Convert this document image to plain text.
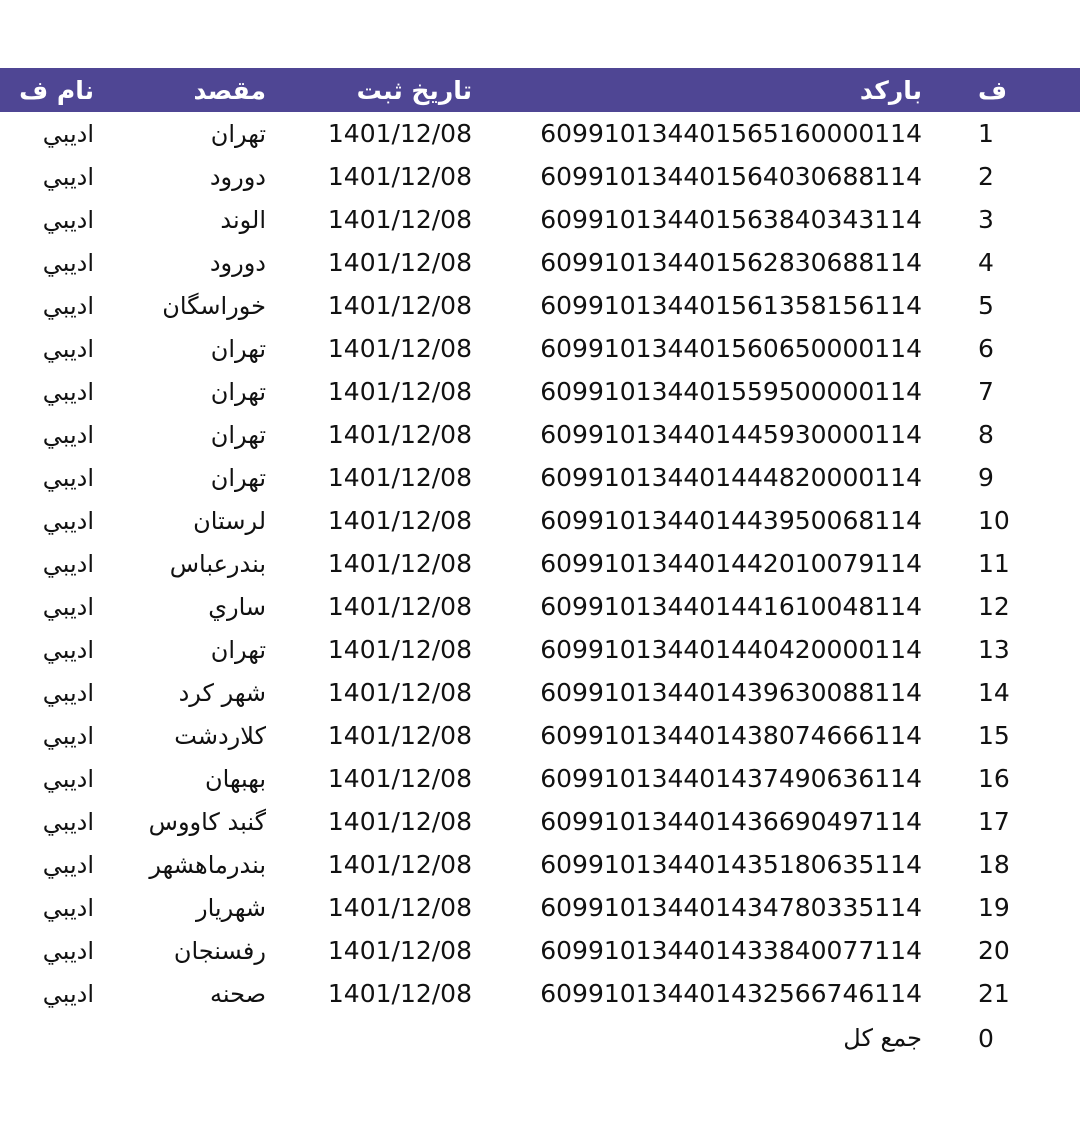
ف	بارکد	تاریخ ثبت	مقصد	نام ف	
1	609910134401565160000114	1401/12/08	تهران	ادیبي	
2	609910134401564030688114	1401/12/08	دورود	ادیبي	
3	609910134401563840343114	1401/12/08	الوند	ادیبي	
4	609910134401562830688114	1401/12/08	دورود	ادیبي	
5	609910134401561358156114	1401/12/08	خوراسگان	ادیبي	
6	609910134401560650000114	1401/12/08	تهران	ادیبي	
7	609910134401559500000114	1401/12/08	تهران	ادیبي	
8	609910134401445930000114	1401/12/08	تهران	ادیبي	
9	609910134401444820000114	1401/12/08	تهران	ادیبي	
10	609910134401443950068114	1401/12/08	لرستان	ادیبي	
11	609910134401442010079114	1401/12/08	بندرعباس	ادیبي	
12	609910134401441610048114	1401/12/08	ساري	ادیبي	
13	609910134401440420000114	1401/12/08	تهران	ادیبي	
14	609910134401439630088114	1401/12/08	شهر کرد	ادیبي	
15	609910134401438074666114	1401/12/08	کلاردشت	ادیبي	
16	609910134401437490636114	1401/12/08	بهبهان	ادیبي	
17	609910134401436690497114	1401/12/08	گنبد کاووس	ادیبي	
18	609910134401435180635114	1401/12/08	بندرماهشهر	ادیبي	
19	609910134401434780335114	1401/12/08	شهریار	ادیبي	
20	609910134401433840077114	1401/12/08	رفسنجان	ادیبي	
21	609910134401432566746114	1401/12/08	صحنه	ادیبي	
0	جمع کل				
